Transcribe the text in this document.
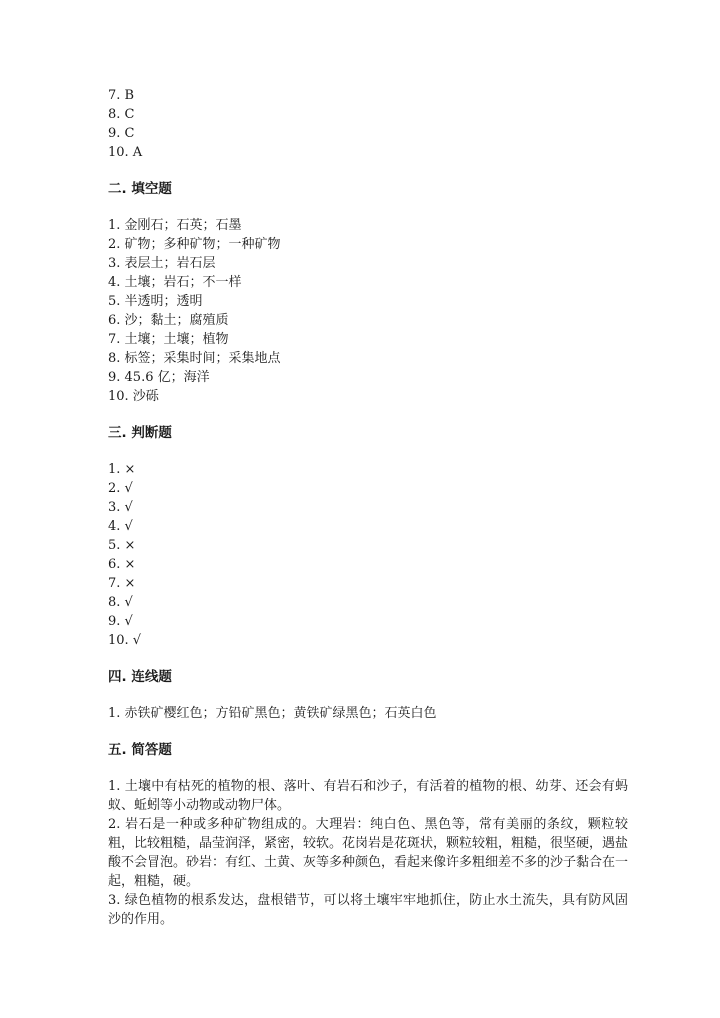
7. B
8. C
9. C
10. A
二. 填空题
1. 金刚石；石英；石墨
2. 矿物；多种矿物；一种矿物
3. 表层土；岩石层
4. 土壤；岩石；不一样
5. 半透明；透明
6. 沙；黏土；腐殖质
7. 土壤；土壤；植物
8. 标签；采集时间；采集地点
9. 45.6 亿；海洋
10. 沙砾
三. 判断题
1. ×
2. √
3. √
4. √
5. ×
6. ×
7. ×
8. √
9. √
10. √
四. 连线题
1. 赤铁矿樱红色；方铅矿黑色；黄铁矿绿黑色；石英白色
五. 简答题
1. 土壤中有枯死的植物的根、落叶、有岩石和沙子，有活着的植物的根、幼芽、还会有蚂蚁、蚯蚓等小动物或动物尸体。
2. 岩石是一种或多种矿物组成的。大理岩：纯白色、黑色等，常有美丽的条纹，颗粒较粗，比较粗糙，晶莹润泽，紧密，较软。花岗岩是花斑状，颗粒较粗，粗糙，很坚硬，遇盐酸不会冒泡。砂岩：有红、土黄、灰等多种颜色，看起来像许多粗细差不多的沙子黏合在一起，粗糙，硬。
3. 绿色植物的根系发达，盘根错节，可以将土壤牢牢地抓住，防止水土流失，具有防风固沙的作用。
